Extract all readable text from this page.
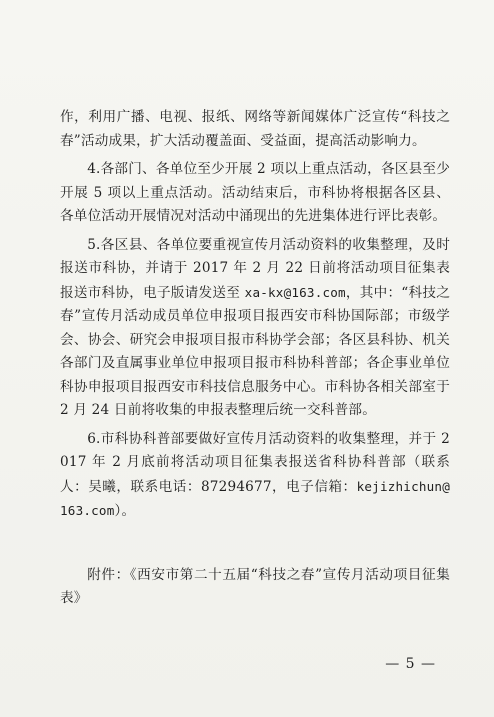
作，利用广播、电视、报纸、网络等新闻媒体广泛宣传“科技之春”活动成果，扩大活动覆盖面、受益面，提高活动影响力。

4.各部门、各单位至少开展 2 项以上重点活动，各区县至少开展 5 项以上重点活动。活动结束后，市科协将根据各区县、各单位活动开展情况对活动中涌现出的先进集体进行评比表彰。

5.各区县、各单位要重视宣传月活动资料的收集整理，及时报送市科协，并请于 2017 年 2 月 22 日前将活动项目征集表报送市科协，电子版请发送至 xa-kx@163.com，其中：“科技之春”宣传月活动成员单位申报项目报西安市科协国际部；市级学会、协会、研究会申报项目报市科协学会部；各区县科协、机关各部门及直属事业单位申报项目报市科协科普部；各企事业单位科协申报项目报西安市科技信息服务中心。市科协各相关部室于 2 月 24 日前将收集的申报表整理后统一交科普部。

6.市科协科普部要做好宣传月活动资料的收集整理，并于 2017 年 2 月底前将活动项目征集表报送省科协科普部（联系人：吴曦，联系电话：87294677，电子信箱：kejizhichun@163.com）。

附件：《西安市第二十五届“科技之春”宣传月活动项目征集表》

— 5 —
